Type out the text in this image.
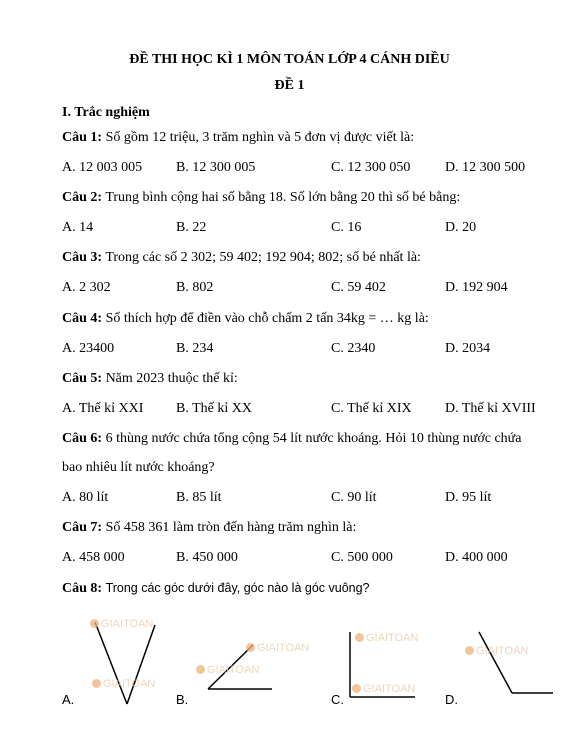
ĐỀ THI HỌC KÌ 1 MÔN TOÁN LỚP 4 CÁNH DIỀU
ĐỀ 1
I. Trắc nghiệm
Câu 1: Số gồm 12 triệu, 3 trăm nghìn và 5 đơn vị được viết là:
A. 12 003 005 B. 12 300 005	C. 12 300 050 D. 12 300 500
Câu 2: Trung bình cộng hai số bằng 18. Số lớn bằng 20 thì số bé bằng:
A. 14	B. 22	C. 16	D. 20
Câu 3: Trong các số 2 302; 59 402; 192 904; 802; số bé nhất là:
A. 2 302	B. 802	C. 59 402	D. 192 904
Câu 4: Số thích hợp để điền vào chỗ chấm 2 tấn 34kg = … kg là:
A. 23400	B. 234	C. 2340	D. 2034
Câu 5: Năm 2023 thuộc thế kỉ:
A. Thế kỉ XXI B. Thế kỉ XX	C. Thế kỉ XIX D. Thế kỉ XVIII
Câu 6: 6 thùng nước chứa tổng cộng 54 lít nước khoáng. Hỏi 10 thùng nước chứa
bao nhiêu lít nước khoáng?
A. 80 lít	B. 85 lít	C. 90 lít	D. 95 lít
Câu 7: Số 458 361 làm tròn đến hàng trăm nghìn là:
A. 458 000	B. 450 000	C. 500 000	D. 400 000
Câu 8: Trong các góc dưới đây, góc nào là góc vuông?
GIAITOAN
GIAITOAN
GIAITOAN
GIAITOAN
GIAITOAN
GIAITOAN
GIAITOAN
A.	B.	C.	D.
